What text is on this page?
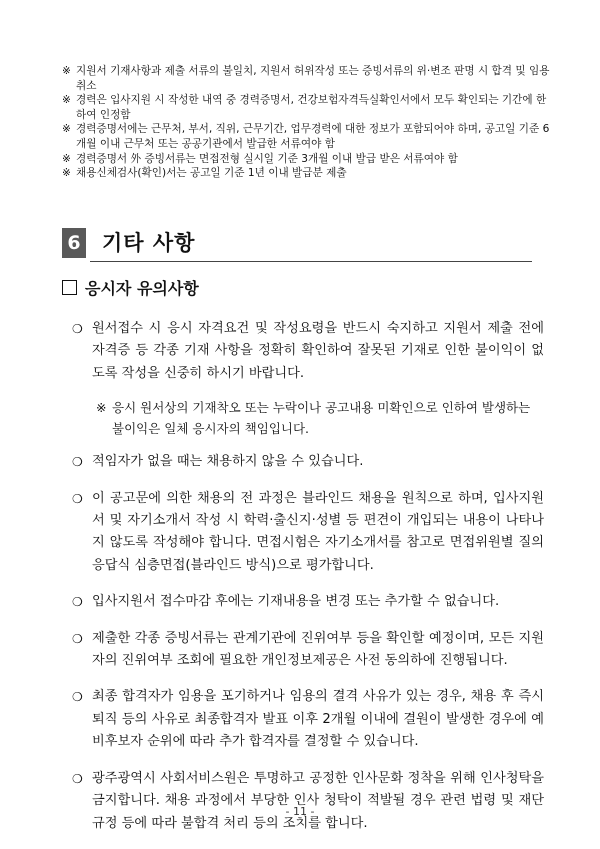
※ 지원서 기재사항과 제출 서류의 불일치, 지원서 허위작성 또는 증빙서류의 위·변조 판명 시 합격 및 임용 취소
※ 경력은 입사지원 시 작성한 내역 중 경력증명서, 건강보험자격득실확인서에서 모두 확인되는 기간에 한하여 인정함
※ 경력증명서에는 근무처, 부서, 직위, 근무기간, 업무경력에 대한 정보가 포함되어야 하며, 공고일 기준 6개월 이내 근무처 또는 공공기관에서 발급한 서류여야 함
※ 경력증명서 外 증빙서류는 면접전형 실시일 기준 3개월 이내 발급 받은 서류여야 함
※ 채용신체검사(확인)서는 공고일 기준 1년 이내 발급분 제출
6 기타 사항
응시자 유의사항
❍ 원서접수 시 응시 자격요건 및 작성요령을 반드시 숙지하고 지원서 제출 전에 자격증 등 각종 기재 사항을 정확히 확인하여 잘못된 기재로 인한 불이익이 없도록 작성을 신중히 하시기 바랍니다.
※ 응시 원서상의 기재착오 또는 누락이나 공고내용 미확인으로 인하여 발생하는 불이익은 일체 응시자의 책임입니다.
❍ 적임자가 없을 때는 채용하지 않을 수 있습니다.
❍ 이 공고문에 의한 채용의 전 과정은 블라인드 채용을 원칙으로 하며, 입사지원서 및 자기소개서 작성 시 학력·출신지·성별 등 편견이 개입되는 내용이 나타나지 않도록 작성해야 합니다. 면접시험은 자기소개서를 참고로 면접위원별 질의 응답식 심층면접(블라인드 방식)으로 평가합니다.
❍ 입사지원서 접수마감 후에는 기재내용을 변경 또는 추가할 수 없습니다.
❍ 제출한 각종 증빙서류는 관계기관에 진위여부 등을 확인할 예정이며, 모든 지원자의 진위여부 조회에 필요한 개인정보제공은 사전 동의하에 진행됩니다.
❍ 최종 합격자가 임용을 포기하거나 임용의 결격 사유가 있는 경우, 채용 후 즉시 퇴직 등의 사유로 최종합격자 발표 이후 2개월 이내에 결원이 발생한 경우에 예비후보자 순위에 따라 추가 합격자를 결정할 수 있습니다.
❍ 광주광역시 사회서비스원은 투명하고 공정한 인사문화 정착을 위해 인사청탁을 금지합니다. 채용 과정에서 부당한 인사 청탁이 적발될 경우 관련 법령 및 재단 규정 등에 따라 불합격 처리 등의 조치를 합니다.
- 11 -
